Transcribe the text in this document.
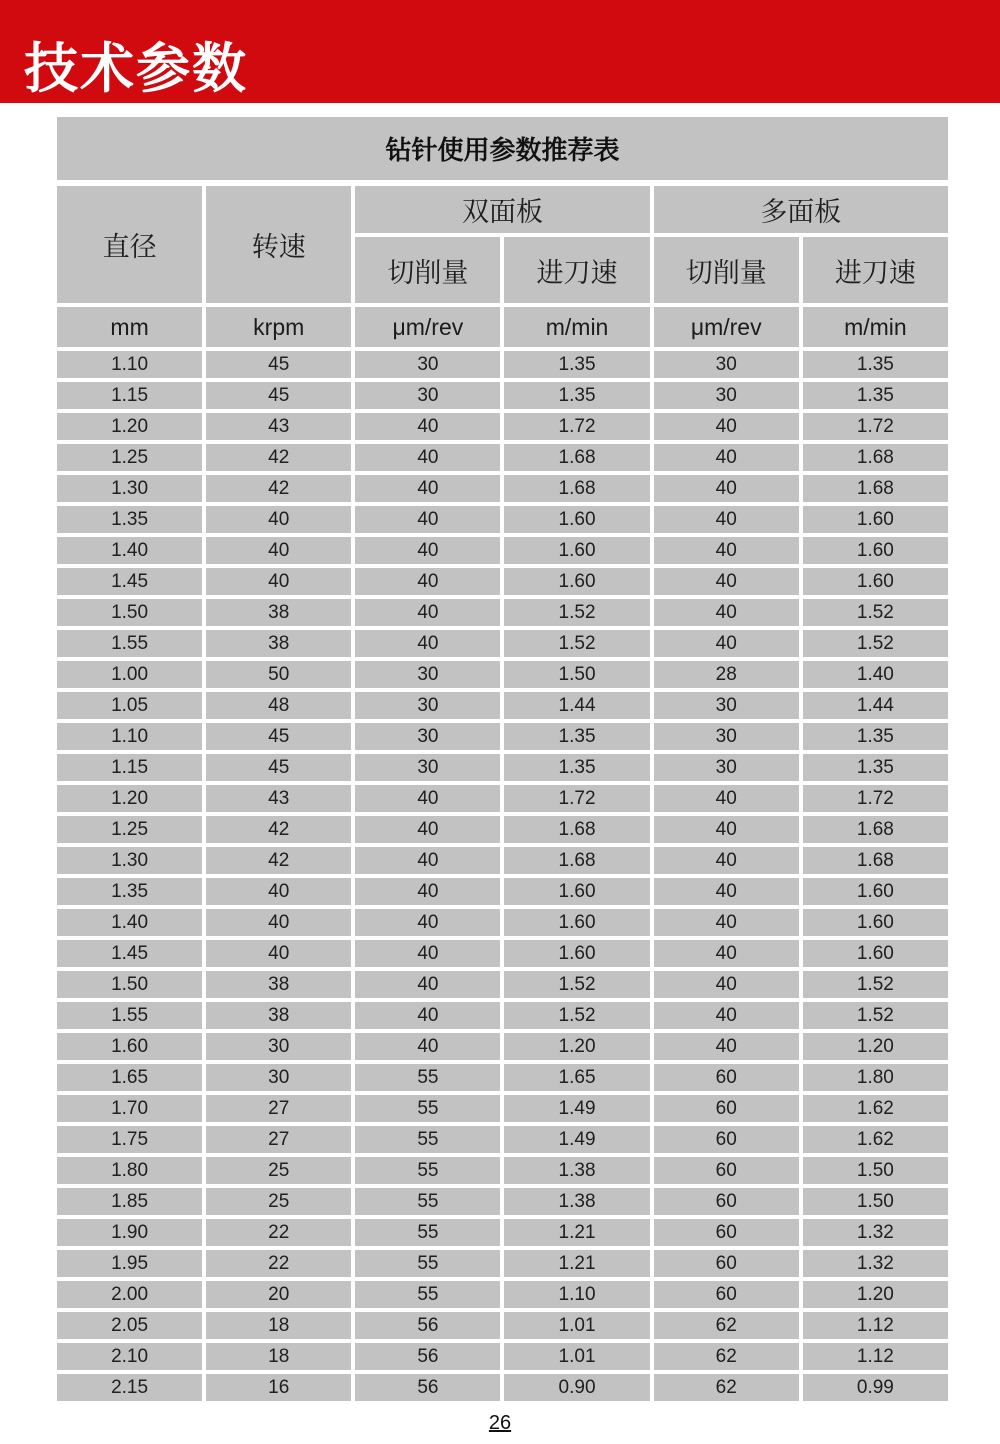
技术参数
钻针使用参数推荐表					
直径	转速	双面板		多面板	
		切削量	进刀速	切削量	进刀速
mm	krpm	μm/rev	m/min	μm/rev	m/min
1.10	45	30	1.35	30	1.35
1.15	45	30	1.35	30	1.35
1.20	43	40	1.72	40	1.72
1.25	42	40	1.68	40	1.68
1.30	42	40	1.68	40	1.68
1.35	40	40	1.60	40	1.60
1.40	40	40	1.60	40	1.60
1.45	40	40	1.60	40	1.60
1.50	38	40	1.52	40	1.52
1.55	38	40	1.52	40	1.52
1.00	50	30	1.50	28	1.40
1.05	48	30	1.44	30	1.44
1.10	45	30	1.35	30	1.35
1.15	45	30	1.35	30	1.35
1.20	43	40	1.72	40	1.72
1.25	42	40	1.68	40	1.68
1.30	42	40	1.68	40	1.68
1.35	40	40	1.60	40	1.60
1.40	40	40	1.60	40	1.60
1.45	40	40	1.60	40	1.60
1.50	38	40	1.52	40	1.52
1.55	38	40	1.52	40	1.52
1.60	30	40	1.20	40	1.20
1.65	30	55	1.65	60	1.80
1.70	27	55	1.49	60	1.62
1.75	27	55	1.49	60	1.62
1.80	25	55	1.38	60	1.50
1.85	25	55	1.38	60	1.50
1.90	22	55	1.21	60	1.32
1.95	22	55	1.21	60	1.32
2.00	20	55	1.10	60	1.20
2.05	18	56	1.01	62	1.12
2.10	18	56	1.01	62	1.12
2.15	16	56	0.90	62	0.99
26
